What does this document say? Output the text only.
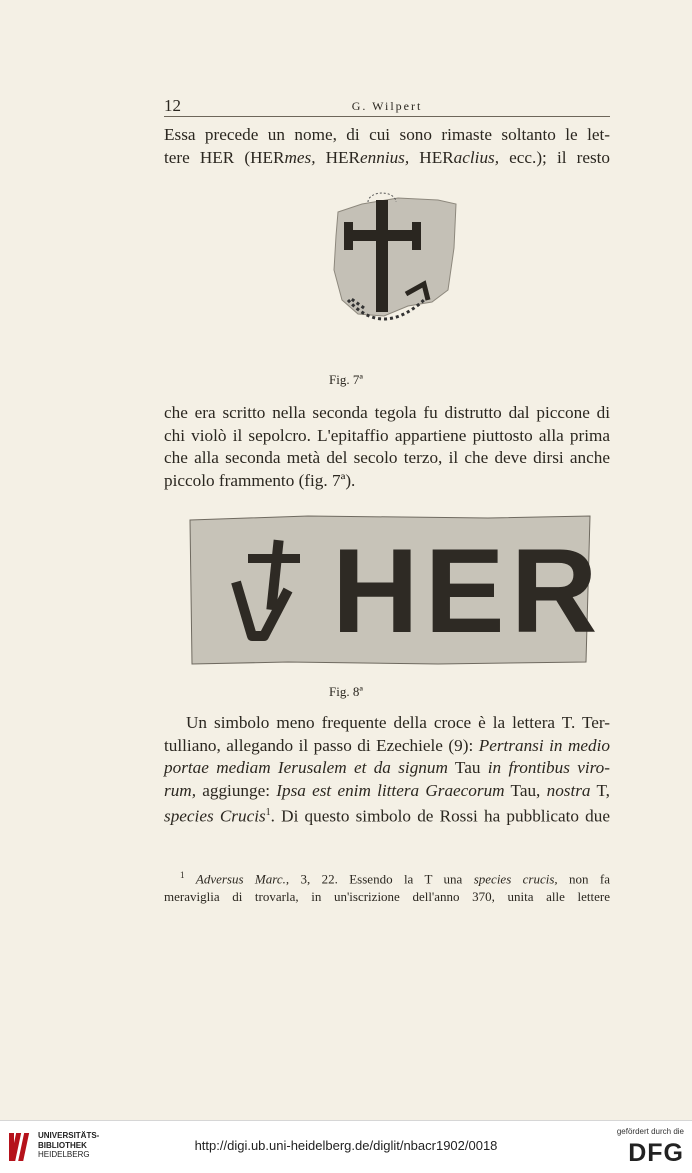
12	G. Wilpert
Essa precede un nome, di cui sono rimaste soltanto le let-
tere HER (HERmes, HERennius, HERaclius, ecc.); il resto
Fig. 7ª
che era scritto nella seconda tegola fu distrutto dal piccone di
chi violò il sepolcro. L'epitaffio appartiene piuttosto alla prima
che alla seconda metà del secolo terzo, il che deve dirsi anche
piccolo frammento (fig. 7ª).
HER
Fig. 8ª
Un simbolo meno frequente della croce è la lettera T. Ter-
tulliano, allegando il passo di Ezechiele (9): Pertransi in medio
portae mediam Ierusalem et da signum Tau in frontibus viro-
rum, aggiunge: Ipsa est enim littera Graecorum Tau, nostra T,
species Crucis$^1$. Di questo simbolo de Rossi ha pubblicato due
$^1$ Adversus Marc., 3, 22. Essendo la T una species crucis, non fa
meraviglia di trovarla, in un'iscrizione dell'anno 370, unita alle lettere
UNIVERSITÄTS-
BIBLIOTHEK
HEIDELBERG
http://digi.ub.uni-heidelberg.de/diglit/nbacr1902/0018
gefördert durch die
DFG
